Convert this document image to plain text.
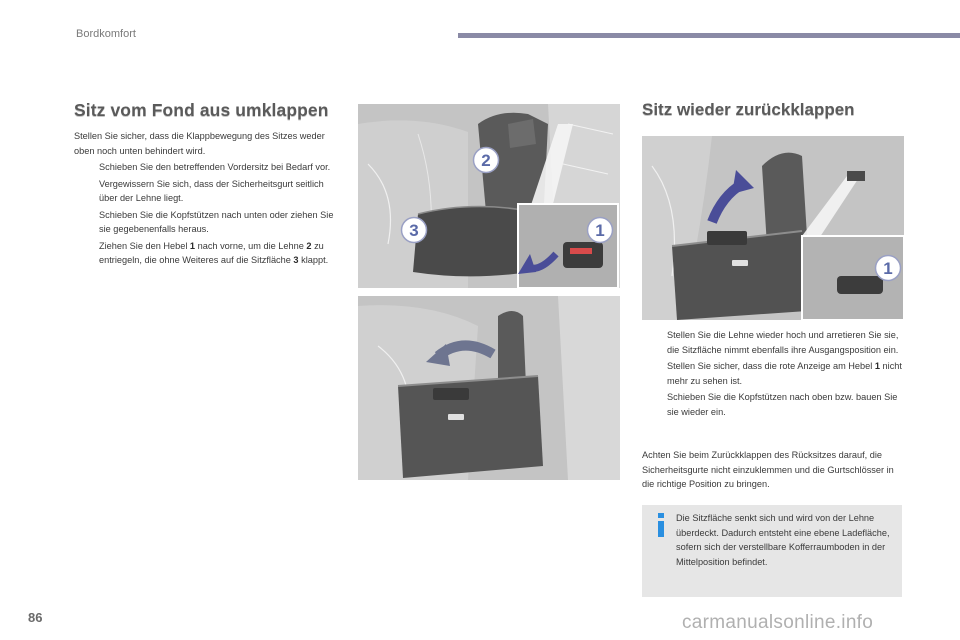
Bordkomfort
Sitz vom Fond aus umklappen

Stellen Sie sicher, dass die Klappbewegung des Sitzes weder oben noch unten behindert wird.

Schieben Sie den betreffenden Vordersitz bei Bedarf vor.
Vergewissern Sie sich, dass der Sicherheitsgurt seitlich über der Lehne liegt.
Schieben Sie die Kopfstützen nach unten oder ziehen Sie sie gegebenenfalls heraus.
Ziehen Sie den Hebel 1 nach vorne, um die Lehne 2 zu entriegeln, die ohne Weiteres auf die Sitzfläche 3 klappt.
2
3	1
Sitz wieder zurückklappen
1
Stellen Sie die Lehne wieder hoch und arretieren Sie sie, die Sitzfläche nimmt ebenfalls ihre Ausgangsposition ein.
Stellen Sie sicher, dass die rote Anzeige am Hebel 1 nicht mehr zu sehen ist.
Schieben Sie die Kopfstützen nach oben bzw. bauen Sie sie wieder ein.

Achten Sie beim Zurückklappen des Rücksitzes darauf, die Sicherheitsgurte nicht einzuklemmen und die Gurtschlösser in die richtige Position zu bringen.

Die Sitzfläche senkt sich und wird von der Lehne überdeckt. Dadurch entsteht eine ebene Ladefläche, sofern sich der verstellbare Kofferraumboden in der Mittelposition befindet.

86	carmanualsonline.info
